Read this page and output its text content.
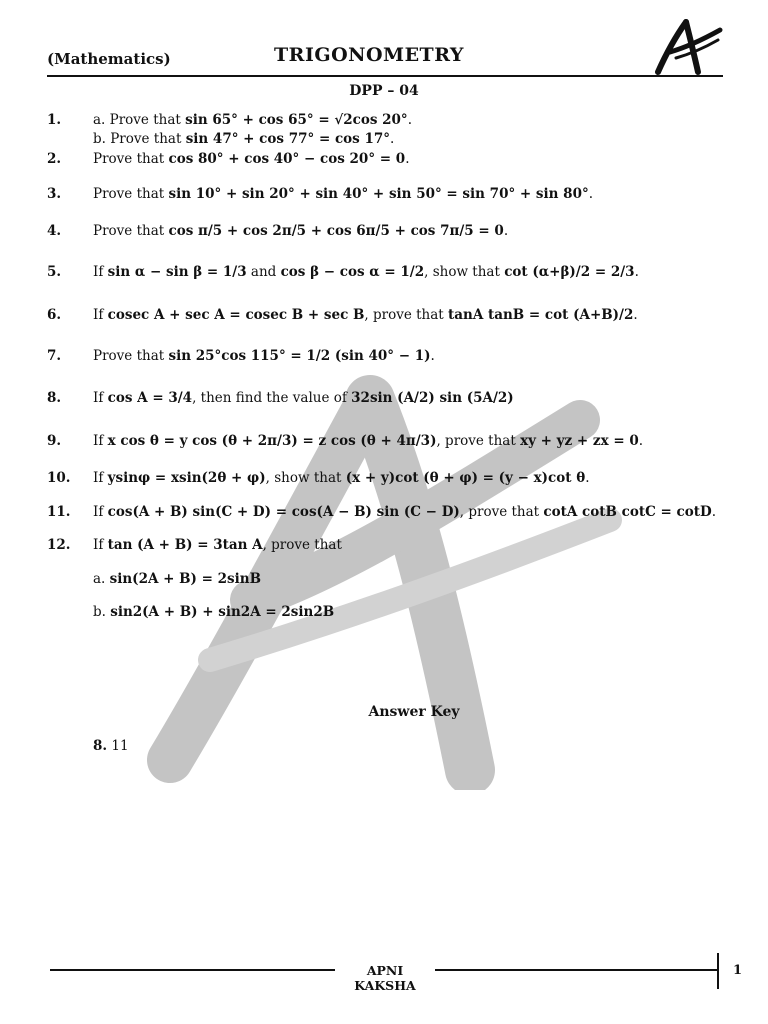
(Mathematics)	TRIGONOMETRY
DPP – 04
1.	a. Prove that sin 65° + cos 65° = √2cos 20°.
b. Prove that sin 47° + cos 77° = cos 17°.
2.	Prove that cos 80° + cos 40° − cos 20° = 0.
3.	Prove that sin 10° + sin 20° + sin 40° + sin 50° = sin 70° + sin 80°.
4.	Prove that cos π/5 + cos 2π/5 + cos 6π/5 + cos 7π/5 = 0.
5.	If sin α − sin β = 1/3 and cos β − cos α = 1/2, show that cot (α+β)/2 = 2/3.
6.	If cosec A + sec A = cosec B + sec B, prove that tanA tanB = cot (A+B)/2.
7.	Prove that sin 25°cos 115° = 1/2 (sin 40° − 1).
8.	If cos A = 3/4, then find the value of 32sin (A/2) sin (5A/2)
9.	If x cos θ = y cos (θ + 2π/3) = z cos (θ + 4π/3), prove that xy + yz + zx = 0.
10.	If ysinφ = xsin(2θ + φ), show that (x + y)cot (θ + φ) = (y − x)cot θ.
11.	If cos(A + B) sin(C + D) = cos(A − B) sin (C − D), prove that cotA cotB cotC = cotD.
12.	If tan (A + B) = 3tan A, prove that
a. sin(2A + B) = 2sinB
b. sin2(A + B) + sin2A = 2sin2B
Answer Key
8. 11
APNI KAKSHA
1
